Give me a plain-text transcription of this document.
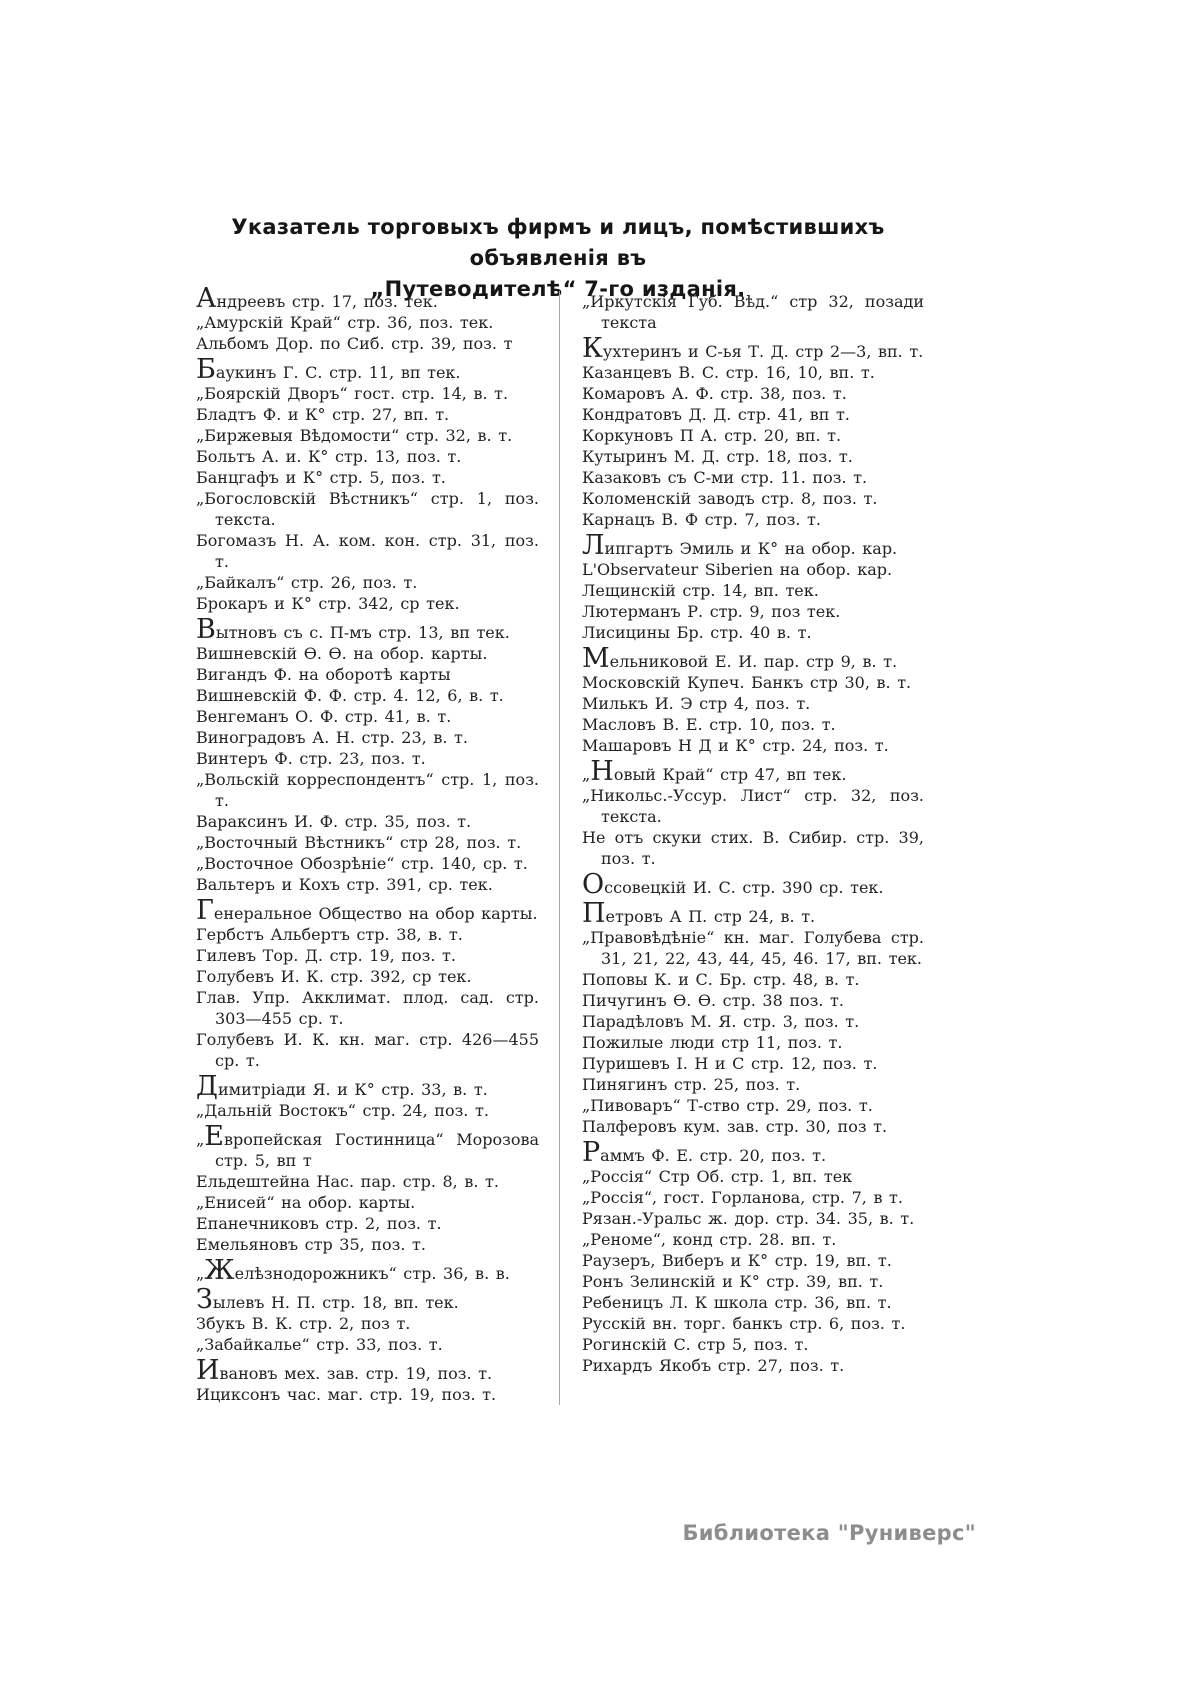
Указатель торговыхъ фирмъ и лицъ, помѣстившихъ объявленія въ
„Путеводителѣ“ 7-го изданія.
Андреевъ стр. 17, поз. тек.
„Амурскій Край“ стр. 36, поз. тек.
Альбомъ Дор. по Сиб. стр. 39, поз. т
Баукинъ Г. С. стр. 11, вп тек.
„Боярскій Дворъ“ гост. стр. 14, в. т.
Бладтъ Ф. и К° стр. 27, вп. т.
„Биржевыя Вѣдомости“ стр. 32, в. т.
Больтъ А. и. К° стр. 13, поз. т.
Банцгафъ и К° стр. 5, поз. т.
„Богословскій Вѣстникъ“ стр. 1, поз. текста.
Богомазъ Н. А. ком. кон. стр. 31, поз. т.
„Байкалъ“ стр. 26, поз. т.
Брокаръ и К° стр. 342, ср тек.
Вытновъ съ с. П-мъ стр. 13, вп тек.
Вишневскій Ѳ. Ѳ. на обор. карты.
Вигандъ Ф. на оборотѣ карты
Вишневскій Ф. Ф. стр. 4. 12, 6, в. т.
Венгеманъ О. Ф. стр. 41, в. т.
Виноградовъ А. Н. стр. 23, в. т.
Винтеръ Ф. стр. 23, поз. т.
„Вольскій корреспондентъ“ стр. 1, поз. т.
Вараксинъ И. Ф. стр. 35, поз. т.
„Восточный Вѣстникъ“ стр 28, поз. т.
„Восточное Обозрѣніе“ стр. 140, ср. т.
Вальтеръ и Кохъ стр. 391, ср. тек.
Генеральное Общество на обор карты.
Гербстъ Альбертъ стр. 38, в. т.
Гилевъ Тор. Д. стр. 19, поз. т.
Голубевъ И. К. стр. 392, ср тек.
Глав. Упр. Акклимат. плод. сад. стр. 303—455 ср. т.
Голубевъ И. К. кн. маг. стр. 426—455 ср. т.
Димитріади Я. и К° стр. 33, в. т.
„Дальній Востокъ“ стр. 24, поз. т.
„Европейская Гостинница“ Морозова стр. 5, вп т
Ельдештейна Нас. пар. стр. 8, в. т.
„Енисей“ на обор. карты.
Епанечниковъ стр. 2, поз. т.
Емельяновъ стр 35, поз. т.
„Желѣзнодорожникъ“ стр. 36, в. в.
Зылевъ Н. П. стр. 18, вп. тек.
Збукъ В. К. стр. 2, поз т.
„Забайкалье“ стр. 33, поз. т.
Ивановъ мех. зав. стр. 19, поз. т.
Ициксонъ час. маг. стр. 19, поз. т.
„Иркутскія Губ. Вѣд.“ стр 32, позади текста
Кухтеринъ и С-ья Т. Д. стр 2—3, вп. т.
Казанцевъ В. С. стр. 16, 10, вп. т.
Комаровъ А. Ф. стр. 38, поз. т.
Кондратовъ Д. Д. стр. 41, вп т.
Коркуновъ П А. стр. 20, вп. т.
Кутыринъ М. Д. стр. 18, поз. т.
Казаковъ съ С-ми стр. 11. поз. т.
Коломенскій заводъ стр. 8, поз. т.
Карнацъ В. Ф стр. 7, поз. т.
Липгартъ Эмиль и К° на обор. кар.
L'Observateur Siberien на обор. кар.
Лещинскій стр. 14, вп. тек.
Лютерманъ Р. стр. 9, поз тек.
Лисицины Бр. стр. 40 в. т.
Мельниковой Е. И. пар. стр 9, в. т.
Московскій Купеч. Банкъ стр 30, в. т.
Милькъ И. Э стр 4, поз. т.
Масловъ В. Е. стр. 10, поз. т.
Машаровъ Н Д и К° стр. 24, поз. т.
„Новый Край“ стр 47, вп тек.
„Никольс.-Уссур. Лист“ стр. 32, поз. текста.
Не отъ скуки стих. В. Сибир. стр. 39, поз. т.
Оссовецкій И. С. стр. 390 ср. тек.
Петровъ А П. стр 24, в. т.
„Правовѣдѣніе“ кн. маг. Голубева стр. 31, 21, 22, 43, 44, 45, 46. 17, вп. тек.
Поповы К. и С. Бр. стр. 48, в. т.
Пичугинъ Ѳ. Ѳ. стр. 38 поз. т.
Парадѣловъ М. Я. стр. 3, поз. т.
Пожилые люди стр 11, поз. т.
Пуришевъ І. Н и С стр. 12, поз. т.
Пинягинъ стр. 25, поз. т.
„Пивоваръ“ Т-ство стр. 29, поз. т.
Палферовъ кум. зав. стр. 30, поз т.
Раммъ Ф. Е. стр. 20, поз. т.
„Россія“ Стр Об. стр. 1, вп. тек
„Россія“, гост. Горланова, стр. 7, в т.
Рязан.-Уральс ж. дор. стр. 34. 35, в. т.
„Реноме“, конд стр. 28. вп. т.
Раузеръ, Виберъ и К° стр. 19, вп. т.
Ронъ Зелинскій и К° стр. 39, вп. т.
Ребеницъ Л. К школа стр. 36, вп. т.
Русскій вн. торг. банкъ стр. 6, поз. т.
Рогинскій С. стр 5, поз. т.
Рихардъ Якобъ стр. 27, поз. т.
Библиотека "Руниверс"
